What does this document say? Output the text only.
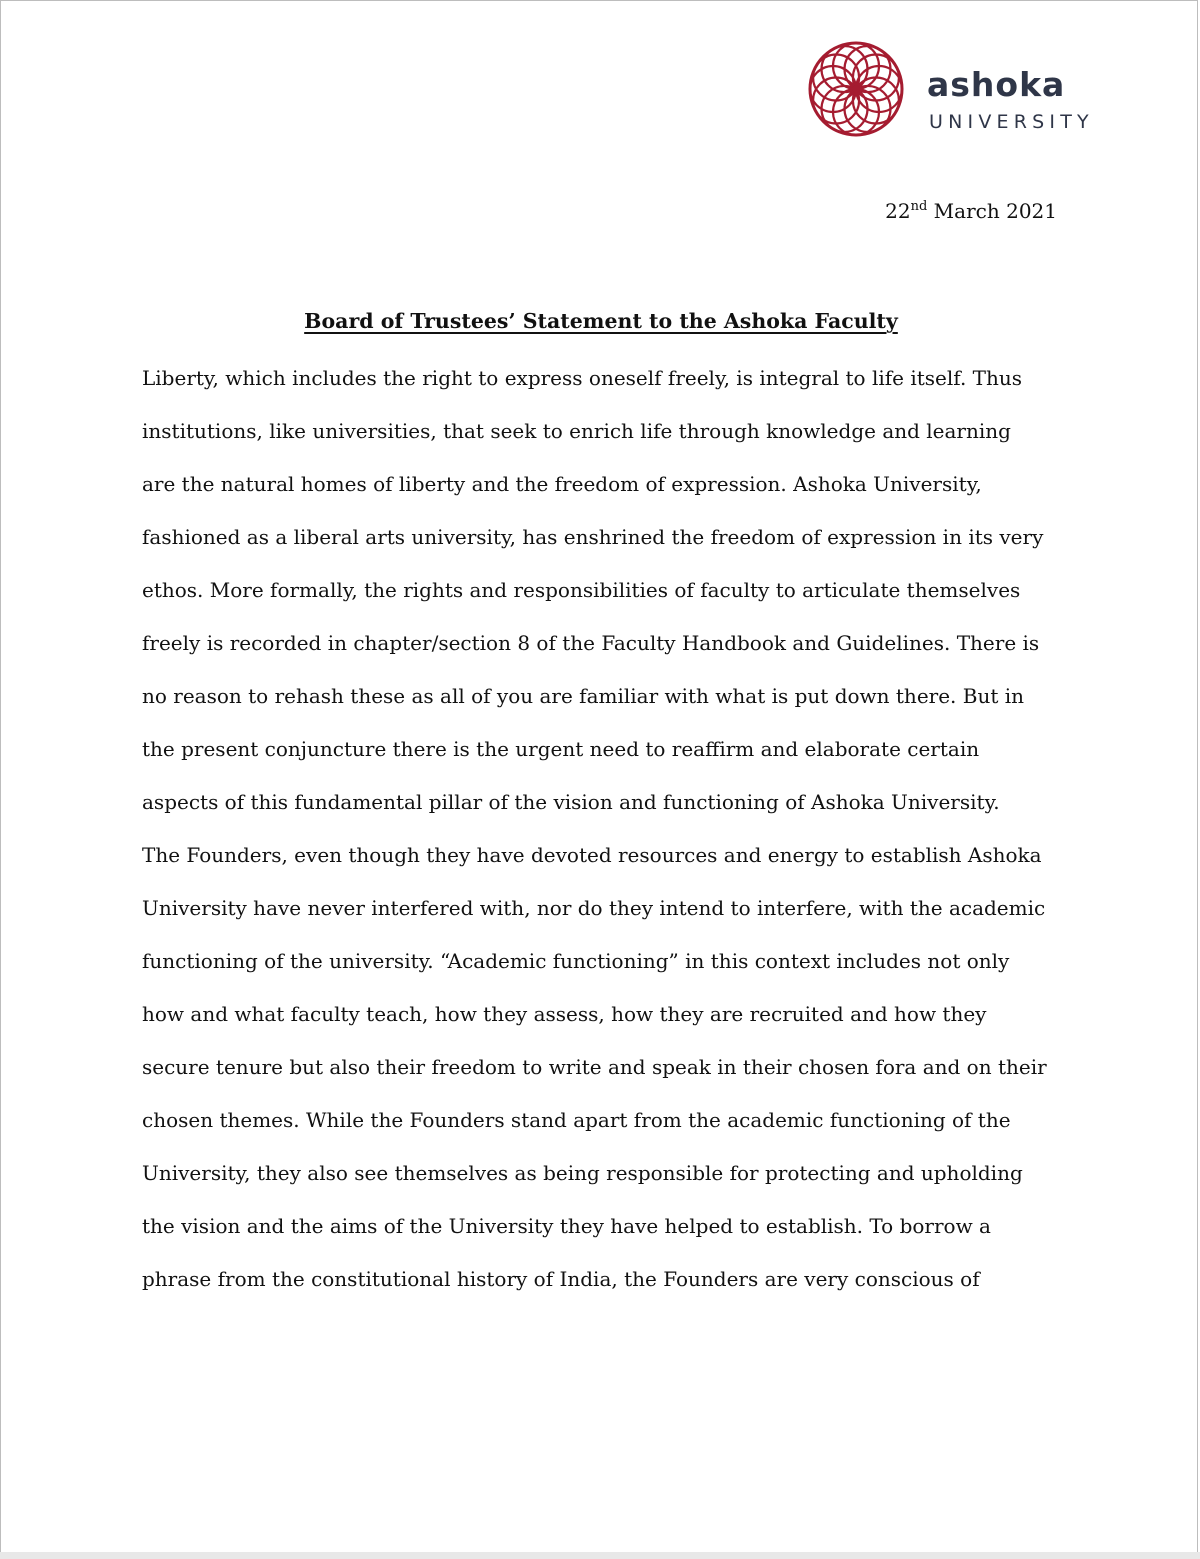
ashoka
UNIVERSITY
22nd March 2021
Board of Trustees’ Statement to the Ashoka Faculty
Liberty, which includes the right to express oneself freely, is integral to life itself. Thus
institutions, like universities, that seek to enrich life through knowledge and learning
are the natural homes of liberty and the freedom of expression. Ashoka University,
fashioned as a liberal arts university, has enshrined the freedom of expression in its very
ethos. More formally, the rights and responsibilities of faculty to articulate themselves
freely is recorded in chapter/section 8 of the Faculty Handbook and Guidelines. There is
no reason to rehash these as all of you are familiar with what is put down there. But in
the present conjuncture there is the urgent need to reaffirm and elaborate certain
aspects of this fundamental pillar of the vision and functioning of Ashoka University.
The Founders, even though they have devoted resources and energy to establish Ashoka
University have never interfered with, nor do they intend to interfere, with the academic
functioning of the university. “Academic functioning” in this context includes not only
how and what faculty teach, how they assess, how they are recruited and how they
secure tenure but also their freedom to write and speak in their chosen fora and on their
chosen themes. While the Founders stand apart from the academic functioning of the
University, they also see themselves as being responsible for protecting and upholding
the vision and the aims of the University they have helped to establish. To borrow a
phrase from the constitutional history of India, the Founders are very conscious of
